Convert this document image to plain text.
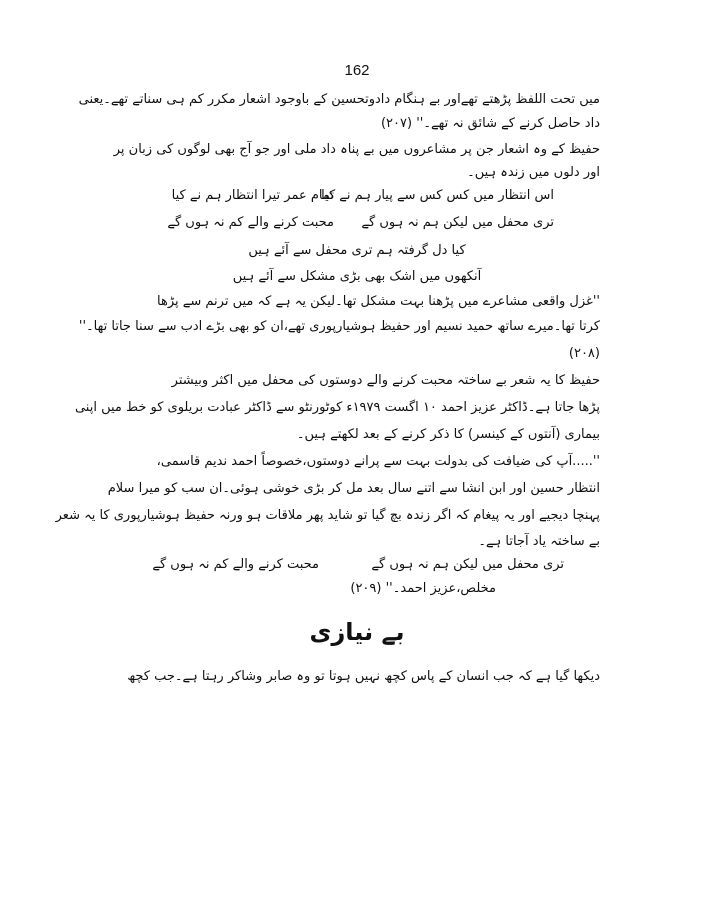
162
میں تحت اللفظ پڑھتے تھےاور بے ہنگام دادوتحسین کے باوجود اشعار مکرر کم ہی سناتے تھے۔یعنی
داد حاصل کرنے کے شائق نہ تھے۔'' (۲۰۷)
حفیظ کے وہ اشعار جن پر مشاعروں میں بے پناہ داد ملی اور جو آج بھی لوگوں کی زبان پر
اور دلوں میں زندہ ہیں۔
تمام عمر تیرا انتظار ہم نے کیا
اس انتظار میں کس کس سے پیار ہم نے کیا
محبت کرنے والے کم نہ ہوں گے تری محفل میں لیکن ہم نہ ہوں گے
کیا دل گرفتہ ہم تری محفل سے آئے ہیں
آنکھوں میں اشک بھی بڑی مشکل سے آئے ہیں
''غزل واقعی مشاعرے میں پڑھنا بہت مشکل تھا۔لیکن یہ ہے کہ میں ترنم سے پڑھا
کرتا تھا۔میرے ساتھ حمید نسیم اور حفیظ ہوشیارپوری تھے،ان کو بھی بڑے ادب سے سنا جاتا تھا۔''
(۲۰۸)
حفیظ کا یہ شعر بے ساختہ محبت کرنے والے دوستوں کی محفل میں اکثر وبیشتر
پڑھا جاتا ہے۔ڈاکٹر عزیز احمد ۱۰ اگست ۱۹۷۹ء کوٹورنٹو سے ڈاکٹر عبادت بریلوی کو خط میں اپنی
بیماری (آنتوں کے کینسر) کا ذکر کرنے کے بعد لکھتے ہیں۔
''.....آپ کی ضیافت کی بدولت بہت سے پرانے دوستوں،خصوصاً احمد ندیم قاسمی،
انتظار حسین اور ابن انشا سے اتنے سال بعد مل کر بڑی خوشی ہوئی۔ان سب کو میرا سلام
پہنچا دیجیے اور یہ پیغام کہ اگر زندہ بچ گیا تو شاید پھر ملاقات ہو ورنہ حفیظ ہوشیارپوری کا یہ شعر
بے ساختہ یاد آجاتا ہے۔
محبت کرنے والے کم نہ ہوں گے	تری محفل میں لیکن ہم نہ ہوں گے
مخلص،عزیز احمد۔'' (۲۰۹)
بے نیازی
دیکھا گیا ہے کہ جب انسان کے پاس کچھ نہیں ہوتا تو وہ صابر وشاکر رہتا ہے۔جب کچھ
